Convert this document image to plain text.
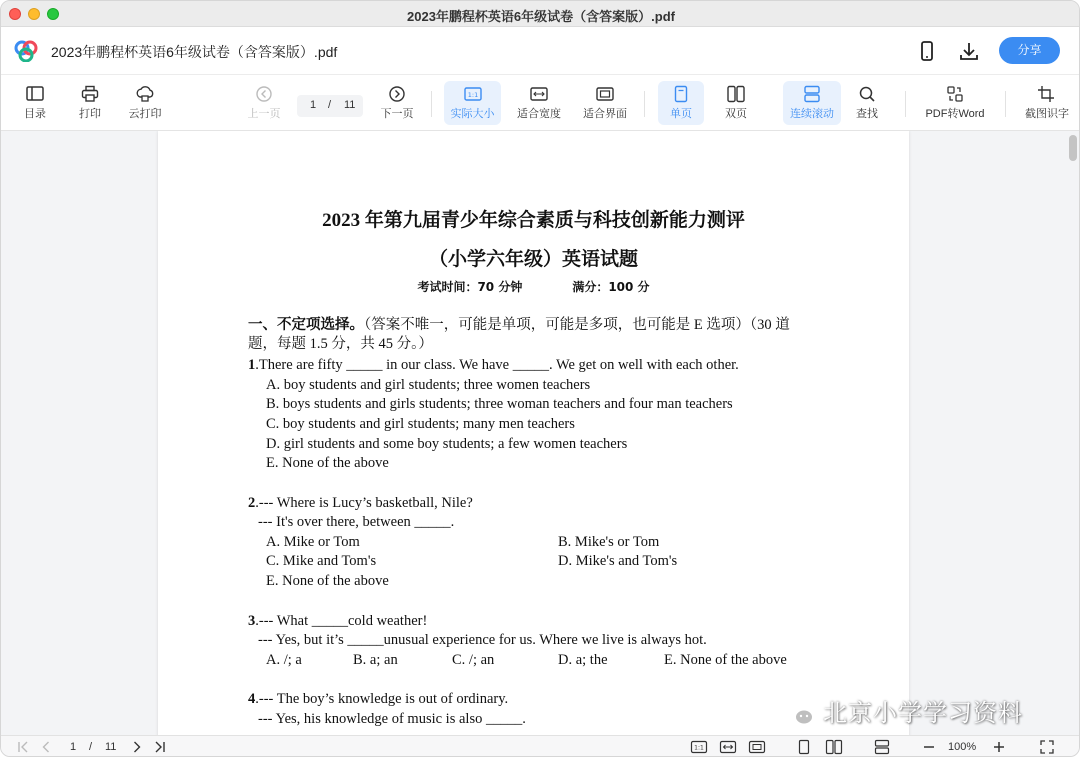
2023年鹏程杯英语6年级试卷（含答案版）.pdf
2023年鹏程杯英语6年级试卷（含答案版）.pdf	分享
目录	打印	云打印	上一页
1 / 11
下一页
1:1
实际大小	适合宽度	适合界面	单页	双页	连续滚动	查找	PDF转Word	截图识字
2023 年第九届青少年综合素质与科技创新能力测评
（小学六年级）英语试题
考试时间：70 分钟	满分：100 分
一、不定项选择。（答案不唯一，可能是单项，可能是多项，也可能是 E 选项）（30 道
题，每题 1.5 分，共 45 分。）
1.There are fifty _____ in our class. We have _____. We get on well with each other.
A. boy students and girl students; three women teachers
B. boys students and girls students; three woman teachers and four man teachers
C. boy students and girl students; many men teachers
D. girl students and some boy students; a few women teachers
E. None of the above
2.--- Where is Lucy’s basketball, Nile?
--- It's over there, between _____.
A. Mike or Tom	B. Mike's or Tom
C. Mike and Tom's	D. Mike's and Tom's
E. None of the above
3.--- What _____cold weather!
--- Yes, but it’s _____unusual experience for us. Where we live is always hot.
A. /; a	B. a; an	C. /; an	D. a; the	E. None of the above
4.--- The boy’s knowledge is out of ordinary.
--- Yes, his knowledge of music is also _____.	北京小学学习资料
1 / 11	1:1	100%
